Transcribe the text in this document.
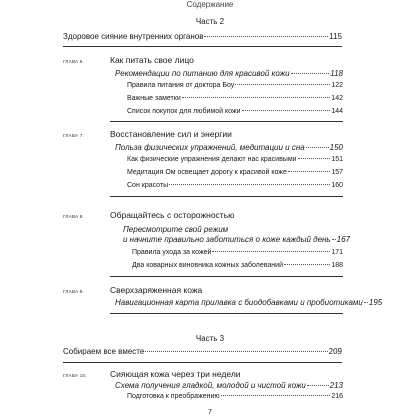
Содержание
Часть 2
Здоровое сияние внутренних органов	115
ГЛАВА 6.	Как питать свое лицо
Рекомендации по питанию для красивой кожи	118
Правила питания от доктора Боу	122
Важные заметки	142
Список покупок для любимой кожи	144
ГЛАВА 7.	Восстановление сил и энергии
Польза физических упражнений, медитации и сна	150
Как физические упражнения делают нас красивыми	151
Медитация Ом освещает дорогу к красивой коже	157
Сон красоты	160
ГЛАВА 8.	Обращайтесь с осторожностью
Пересмотрите свой режим
и начните правильно заботиться о коже каждый день 167
Правила ухода за кожей	171
Два коварных виновника кожных заболеваний	188
ГЛАВА 9.	Сверхзаряженная кожа
Навигационная карта прилавка с биодобавками и пробиотиками 195
Часть 3
Собираем все вместе	209
ГЛАВА 10.	Сияющая кожа через три недели
Схема получения гладкой, молодой и чистой кожи	213
Подготовка к преображению	216
7
